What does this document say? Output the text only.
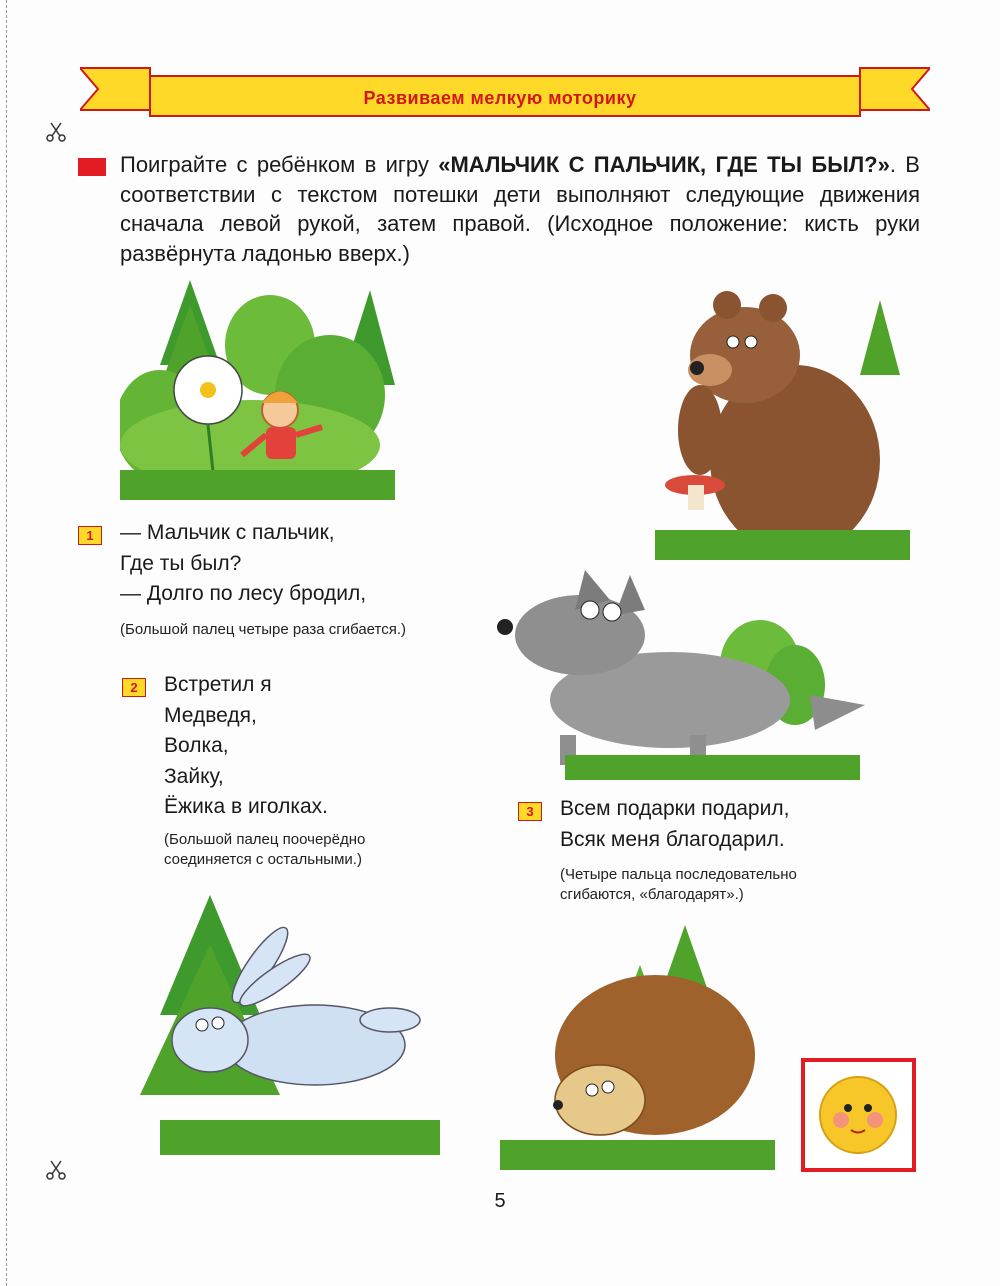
Развиваем мелкую моторику
Поиграйте с ребёнком в игру «МАЛЬЧИК С ПАЛЬЧИК, ГДЕ ТЫ БЫЛ?». В соответствии с текстом потешки дети выполняют следующие движения сначала левой рукой, затем правой. (Исходное положение: кисть руки развёрнута ладонью вверх.)
1	— Мальчик с пальчик,
Где ты был?
— Долго по лесу бродил,
(Большой палец четыре раза сгибается.)
2	Встретил я
Медведя,
Волка,
Зайку,
Ёжика в иголках.
(Большой палец поочерёдно
соединяется с остальными.)
3	Всем подарки подарил,
Всяк меня благодарил.
(Четыре пальца последовательно
сгибаются, «благодарят».)
5
